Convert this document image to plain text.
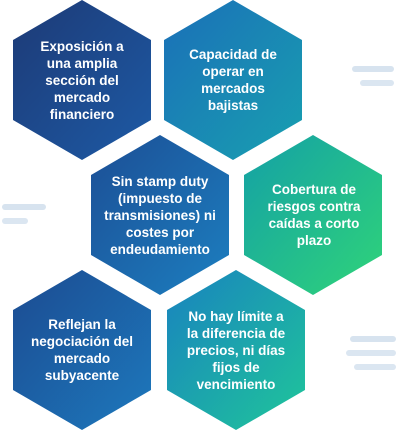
Exposición a una amplia sección del mercado financiero
Capacidad de operar en mercados bajistas
Sin stamp duty (impuesto de transmisiones) ni costes por endeudamiento
Cobertura de riesgos contra caídas a corto plazo
Reflejan la negociación del mercado subyacente
No hay límite a la diferencia de precios, ni días fijos de vencimiento
